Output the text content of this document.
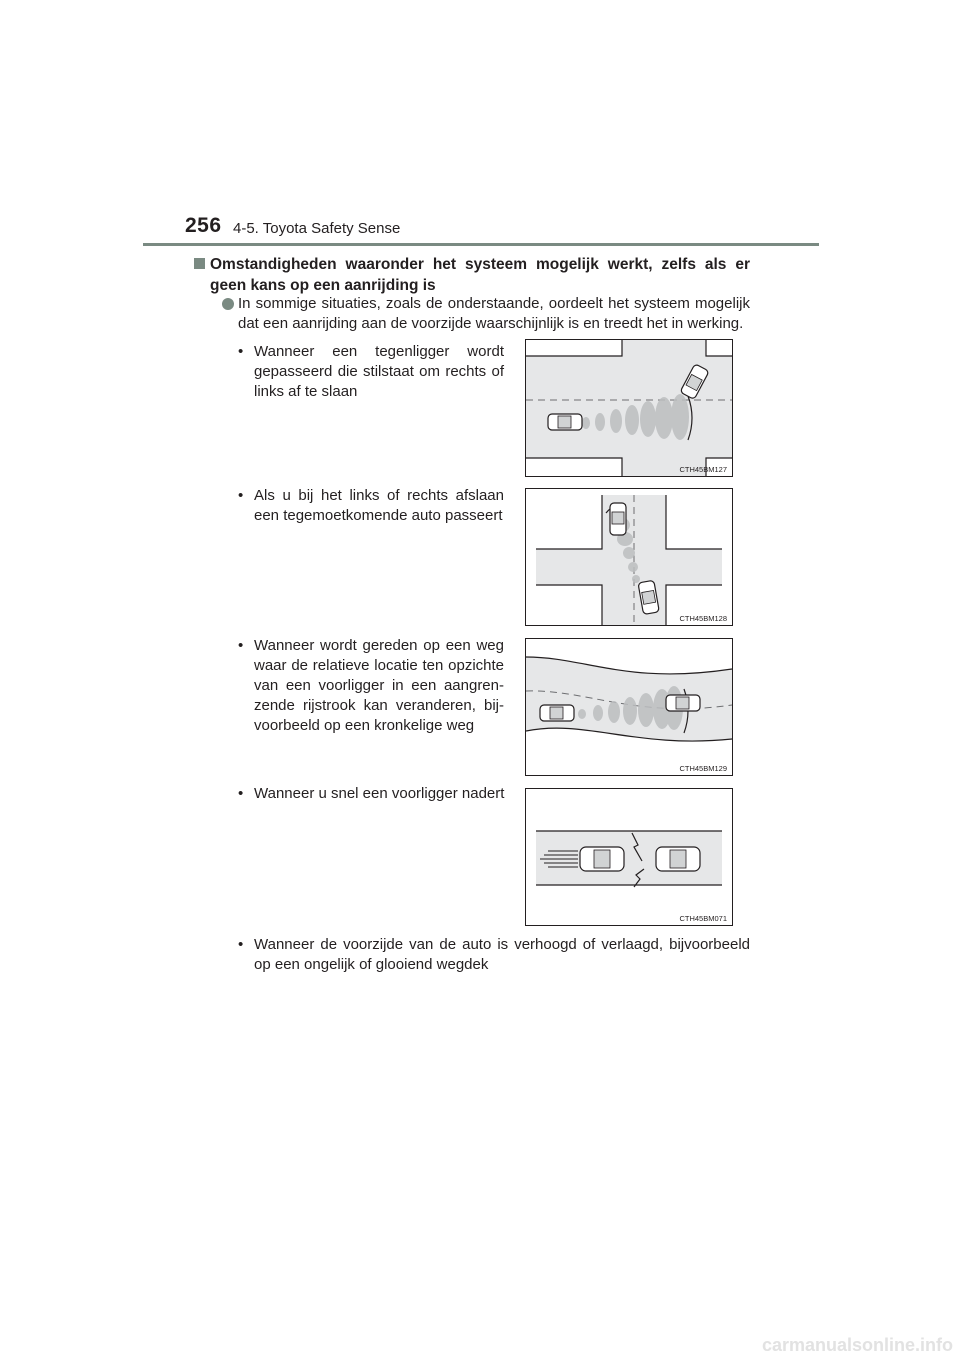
256 4-5. Toyota Safety Sense
Omstandigheden waaronder het systeem mogelijk werkt, zelfs als er geen kans op een aanrijding is
In sommige situaties, zoals de onderstaande, oordeelt het systeem mogelijk dat een aanrijding aan de voorzijde waarschijnlijk is en treedt het in werking.
• Wanneer een tegenligger wordt gepasseerd die stilstaat om rechts of links af te slaan
CTH45BM127
• Als u bij het links of rechts afslaan een tegemoetkomende auto passeert
CTH45BM128
• Wanneer wordt gereden op een weg waar de relatieve locatie ten opzichte van een voorligger in een aangren-zende rijstrook kan veranderen, bij-voorbeeld op een kronkelige weg
CTH45BM129
• Wanneer u snel een voorligger nadert
CTH45BM071
• Wanneer de voorzijde van de auto is verhoogd of verlaagd, bijvoorbeeld op een ongelijk of glooiend wegdek
carmanualsonline.info
